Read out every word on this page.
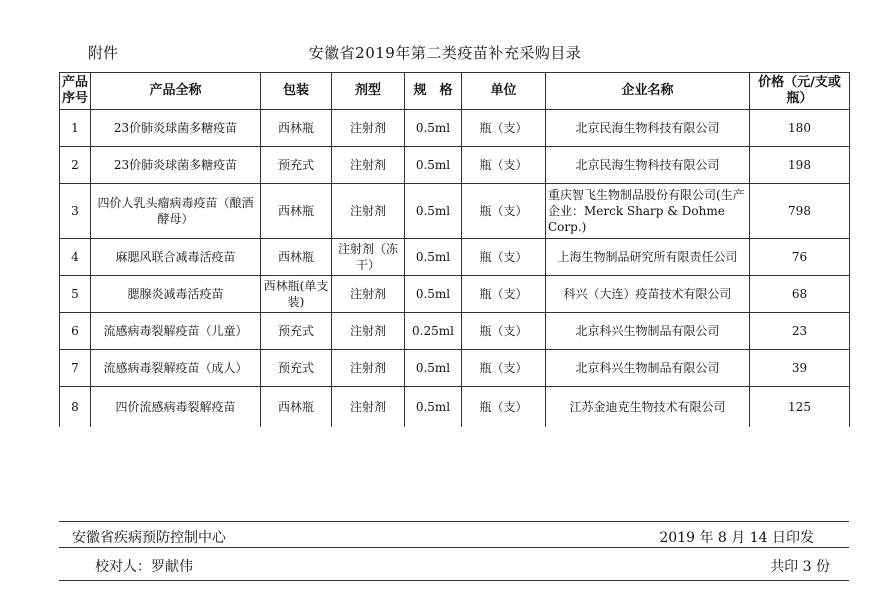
附件	安徽省2019年第二类疫苗补充采购目录
产品序号	产品全称	包装	剂型	规　格	单位	企业名称	价格（元/支或瓶）
1	23价肺炎球菌多糖疫苗	西林瓶	注射剂	0.5ml	瓶（支）	北京民海生物科技有限公司	180
2	23价肺炎球菌多糖疫苗	预充式	注射剂	0.5ml	瓶（支）	北京民海生物科技有限公司	198
3	四价人乳头瘤病毒疫苗（酿酒酵母）	西林瓶	注射剂	0.5ml	瓶（支）	重庆智飞生物制品股份有限公司(生产企业：Merck Sharp & Dohme Corp.)	798
4	麻腮风联合减毒活疫苗	西林瓶	注射剂（冻干）	0.5ml	瓶（支）	上海生物制品研究所有限责任公司	76
5	腮腺炎减毒活疫苗	西林瓶(单支装)	注射剂	0.5ml	瓶（支）	科兴（大连）疫苗技术有限公司	68
6	流感病毒裂解疫苗（儿童）	预充式	注射剂	0.25ml	瓶（支）	北京科兴生物制品有限公司	23
7	流感病毒裂解疫苗（成人）	预充式	注射剂	0.5ml	瓶（支）	北京科兴生物制品有限公司	39
8	四价流感病毒裂解疫苗	西林瓶	注射剂	0.5ml	瓶（支）	江苏金迪克生物技术有限公司	125
安徽省疾病预防控制中心	2019 年 8 月 14 日印发
校对人：罗献伟	共印 3 份
